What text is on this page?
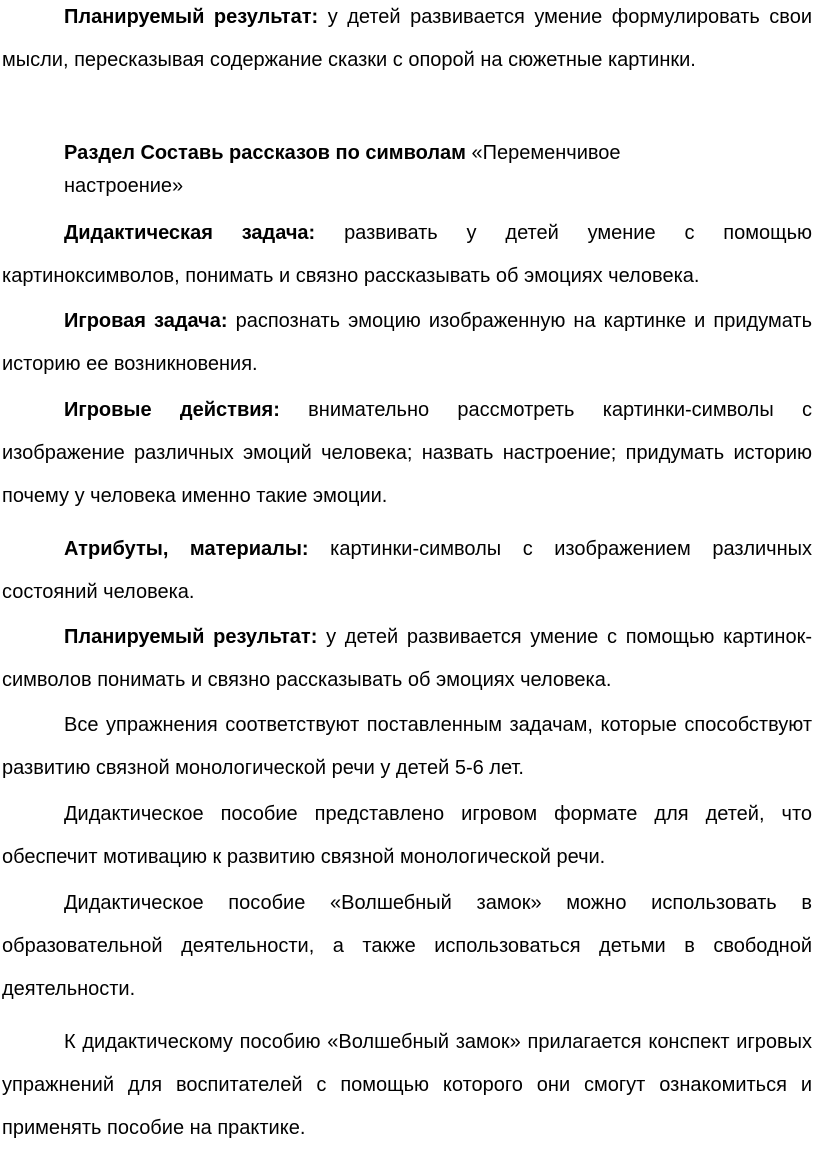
Планируемый результат: у детей развивается умение формулировать свои мысли, пересказывая содержание сказки с опорой на сюжетные картинки.

Раздел Составь рассказов по символам «Переменчивое настроение»

Дидактическая задача: развивать у детей умение с помощью картиноксимволов, понимать и связно рассказывать об эмоциях человека.

Игровая задача: распознать эмоцию изображенную на картинке и придумать историю ее возникновения.

Игровые действия: внимательно рассмотреть картинки-символы с изображение различных эмоций человека; назвать настроение; придумать историю почему у человека именно такие эмоции.

Атрибуты, материалы: картинки-символы с изображением различных состояний человека.

Планируемый результат: у детей развивается умение с помощью картинок-символов понимать и связно рассказывать об эмоциях человека.

Все упражнения соответствуют поставленным задачам, которые способствуют развитию связной монологической речи у детей 5-6 лет.

Дидактическое пособие представлено игровом формате для детей, что обеспечит мотивацию к развитию связной монологической речи.

Дидактическое пособие «Волшебный замок» можно использовать в образовательной деятельности, а также использоваться детьми в свободной деятельности.

К дидактическому пособию «Волшебный замок» прилагается конспект игровых упражнений для воспитателей с помощью которого они смогут ознакомиться и применять пособие на практике.
